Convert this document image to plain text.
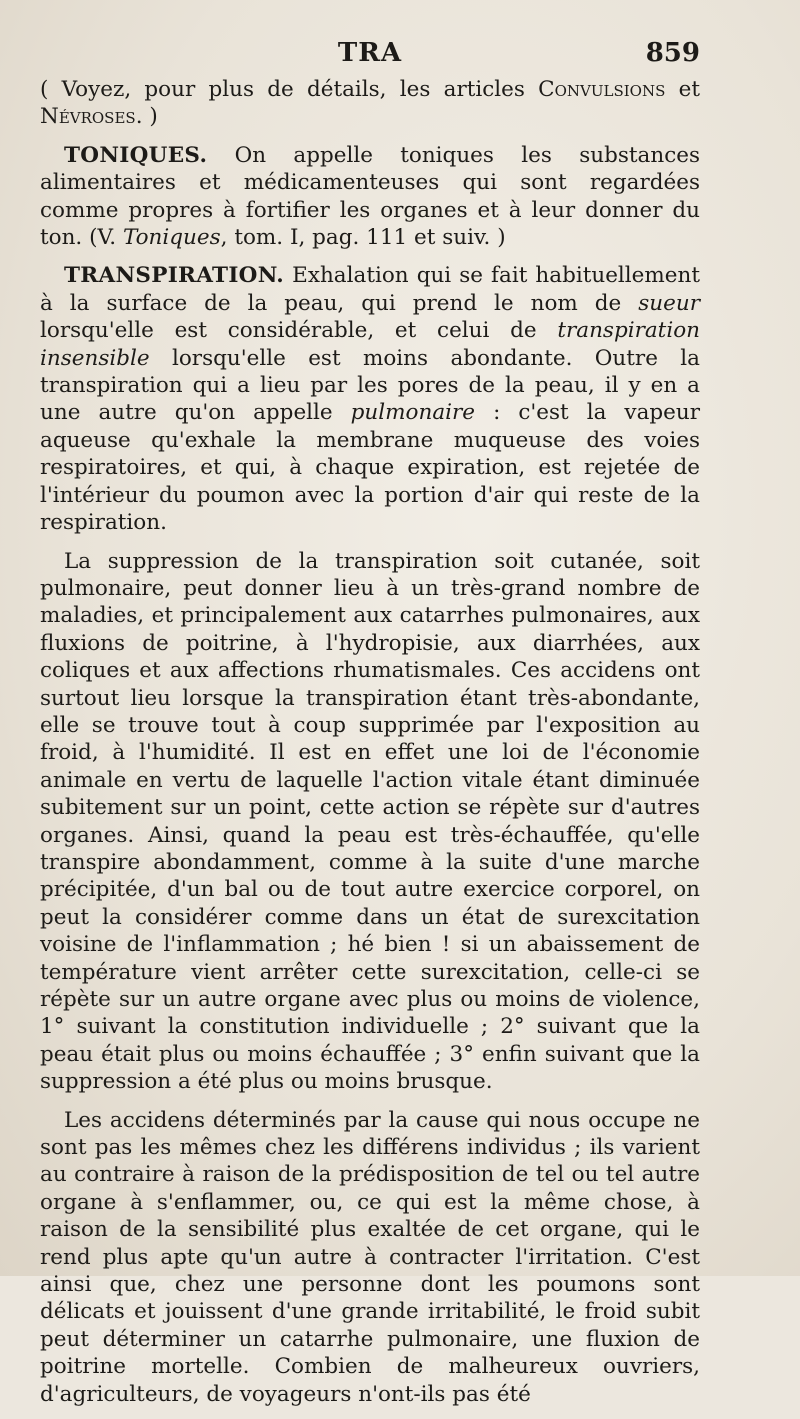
TRA	859

( Voyez, pour plus de détails, les articles Convulsions et Névroses. )

TONIQUES. On appelle toniques les substances alimentaires et médicamenteuses qui sont regardées comme propres à fortifier les organes et à leur donner du ton. (V. Toniques, tom. I, pag. 111 et suiv. )

TRANSPIRATION. Exhalation qui se fait habituellement à la surface de la peau, qui prend le nom de sueur lorsqu'elle est considérable, et celui de transpiration insensible lorsqu'elle est moins abondante. Outre la transpiration qui a lieu par les pores de la peau, il y en a une autre qu'on appelle pulmonaire : c'est la vapeur aqueuse qu'exhale la membrane muqueuse des voies respiratoires, et qui, à chaque expiration, est rejetée de l'intérieur du poumon avec la portion d'air qui reste de la respiration.

La suppression de la transpiration soit cutanée, soit pulmonaire, peut donner lieu à un très-grand nombre de maladies, et principalement aux catarrhes pulmonaires, aux fluxions de poitrine, à l'hydropisie, aux diarrhées, aux coliques et aux affections rhumatismales. Ces accidens ont surtout lieu lorsque la transpiration étant très-abondante, elle se trouve tout à coup supprimée par l'exposition au froid, à l'humidité. Il est en effet une loi de l'économie animale en vertu de laquelle l'action vitale étant diminuée subitement sur un point, cette action se répète sur d'autres organes. Ainsi, quand la peau est très-échauffée, qu'elle transpire abondamment, comme à la suite d'une marche précipitée, d'un bal ou de tout autre exercice corporel, on peut la considérer comme dans un état de surexcitation voisine de l'inflammation ; hé bien ! si un abaissement de température vient arrêter cette surexcitation, celle-ci se répète sur un autre organe avec plus ou moins de violence, 1° suivant la constitution individuelle ; 2° suivant que la peau était plus ou moins échauffée ; 3° enfin suivant que la suppression a été plus ou moins brusque.

Les accidens déterminés par la cause qui nous occupe ne sont pas les mêmes chez les différens individus ; ils varient au contraire à raison de la prédisposition de tel ou tel autre organe à s'enflammer, ou, ce qui est la même chose, à raison de la sensibilité plus exaltée de cet organe, qui le rend plus apte qu'un autre à contracter l'irritation. C'est ainsi que, chez une personne dont les poumons sont délicats et jouissent d'une grande irritabilité, le froid subit peut déterminer un catarrhe pulmonaire, une fluxion de poitrine mortelle. Combien de malheureux ouvriers, d'agriculteurs, de voyageurs n'ont-ils pas été
